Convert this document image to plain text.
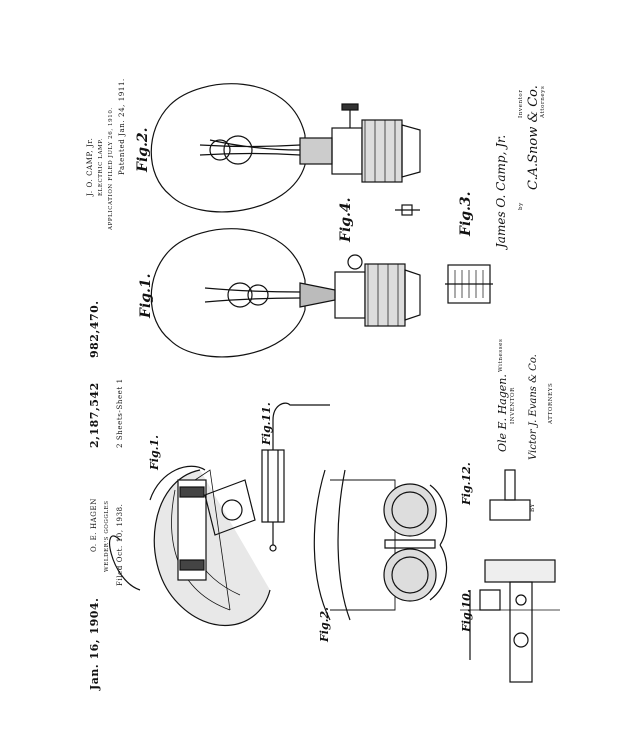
Jan. 16, 1904.
O. E. HAGEN
2,187,542
WELDER'S GOGGLES Filed Oct. 10, 1938.
2 Sheets-Sheet 1
Fig.1.
Fig.2.	Fig.10.
Fig.11.
Fig.12.
Ole E. Hagen. INVENTOR
BY
Victor J. Evans & Co. ATTORNEYS
982,470.
J. O. CAMP, Jr. ELECTRIC LAMP. APPLICATION FILED JULY 26, 1910. Patented Jan. 24, 1911. Fig.2.
Fig.1.
Fig.4.	Fig.3. James O. Camp, Jr.
Inventor
by
C.A.Snow & Co. Attorneys
Witnesses
